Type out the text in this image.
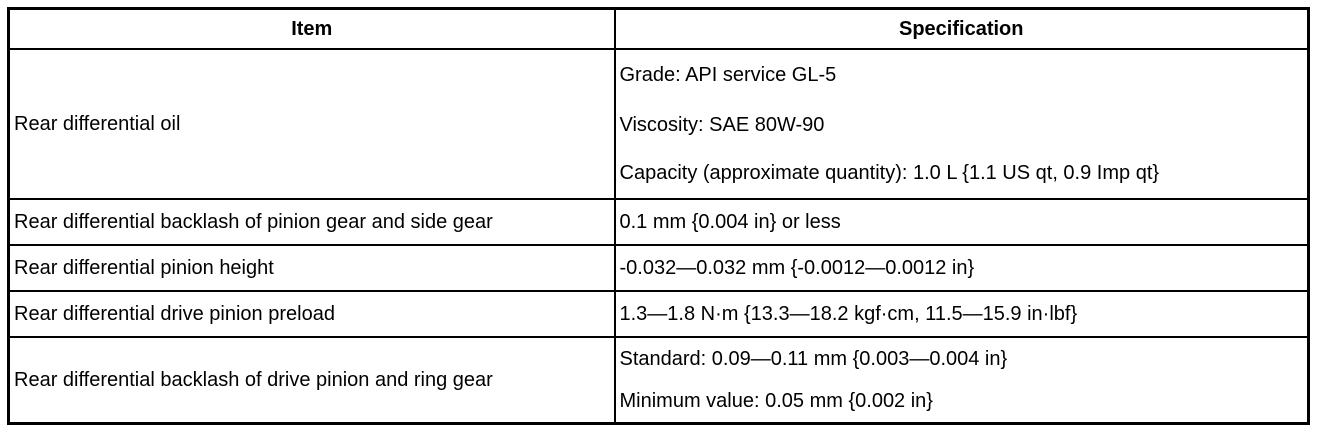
Item	Specification
Rear differential oil	Grade: API service GL-5

Viscosity: SAE 80W-90

Capacity (approximate quantity): 1.0 L {1.1 US qt, 0.9 Imp qt}

Rear differential backlash of pinion gear and side gear	0.1 mm {0.004 in} or less
Rear differential pinion height	-0.032—0.032 mm {-0.0012—0.0012 in}
Rear differential drive pinion preload	1.3—1.8 N·m {13.3—18.2 kgf·cm, 11.5—15.9 in·lbf}
Rear differential backlash of drive pinion and ring gear	Standard: 0.09—0.11 mm {0.003—0.004 in}

Minimum value: 0.05 mm {0.002 in}
